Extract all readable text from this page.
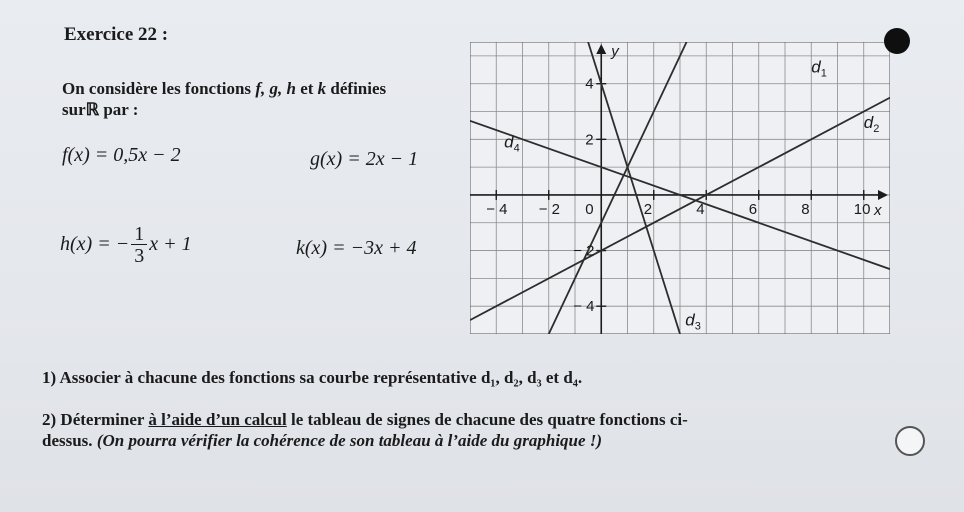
Exercice 22 :
On considère les fonctions f, g, h et k définies
surℝ par :
f(x) = 0,5x − 2	g(x) = 2x − 1
h(x) = − $\frac{1}{3}$ x + 1	k(x) = −3x + 4
− 4 − 2 0	2	4	6	8	10
4
2
− 2
− 4
x
y
$d_1$
$d_2$
$d_3$
$d_4$
1) Associer à chacune des fonctions sa courbe représentative d₁, d₂, d₃ et d₄.
2) Déterminer à l’aide d’un calcul le tableau de signes de chacune des quatre fonctions ci-
dessus. (On pourra vérifier la cohérence de son tableau à l’aide du graphique !)
